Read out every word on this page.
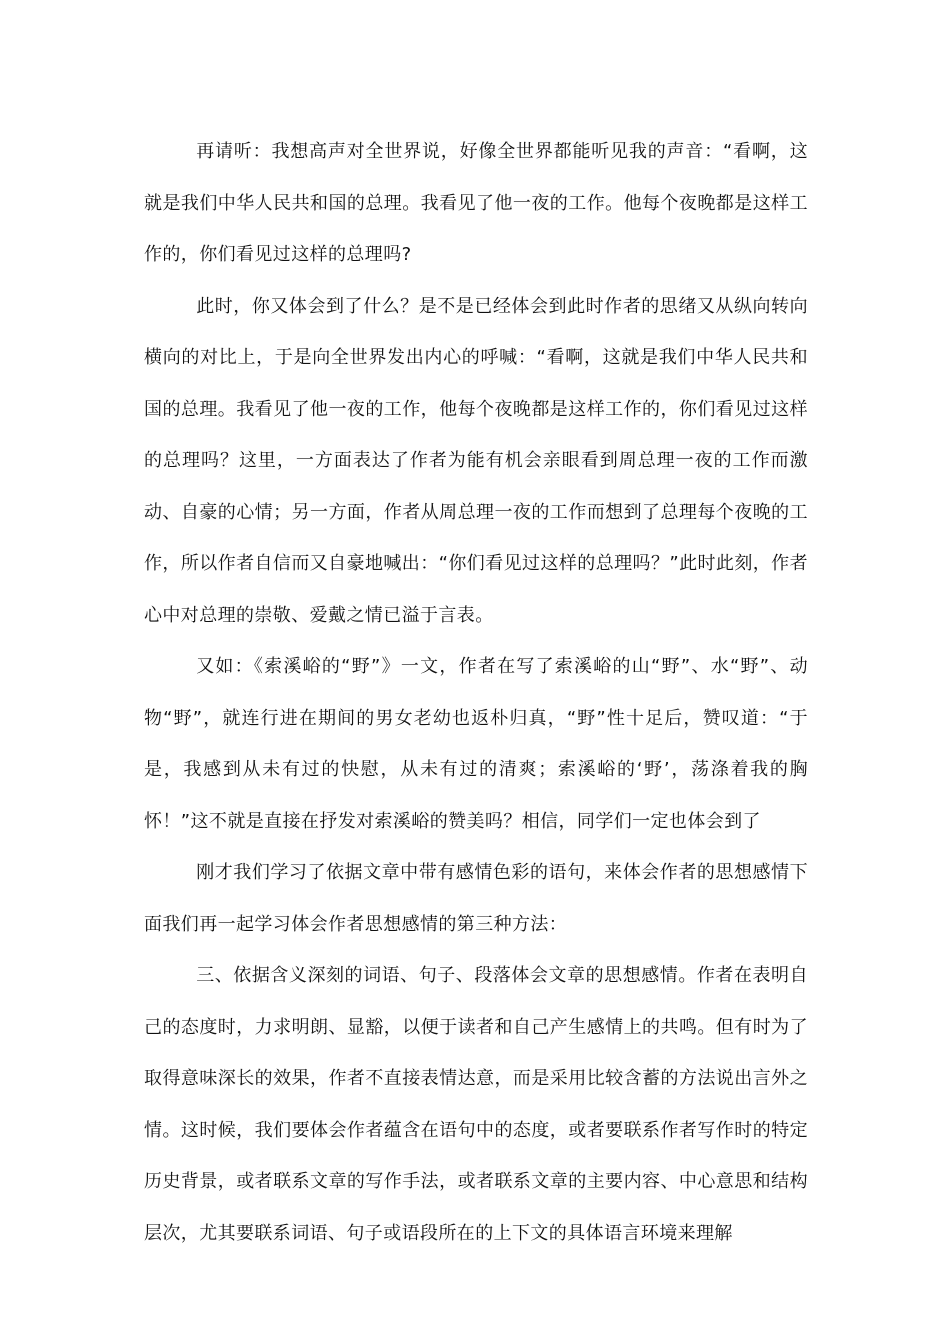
再请听：我想高声对全世界说，好像全世界都能听见我的声音：“看啊，这就是我们中华人民共和国的总理。我看见了他一夜的工作。他每个夜晚都是这样工作的，你们看见过这样的总理吗?

此时，你又体会到了什么？是不是已经体会到此时作者的思绪又从纵向转向横向的对比上，于是向全世界发出内心的呼喊：“看啊，这就是我们中华人民共和国的总理。我看见了他一夜的工作，他每个夜晚都是这样工作的，你们看见过这样的总理吗？这里，一方面表达了作者为能有机会亲眼看到周总理一夜的工作而激动、自豪的心情；另一方面，作者从周总理一夜的工作而想到了总理每个夜晚的工作，所以作者自信而又自豪地喊出：“你们看见过这样的总理吗？”此时此刻，作者心中对总理的崇敬、爱戴之情已溢于言表。

又如：《索溪峪的“野”》一文，作者在写了索溪峪的山“野”、水“野”、动物“野”，就连行进在期间的男女老幼也返朴归真，“野”性十足后，赞叹道：“于是，我感到从未有过的快慰，从未有过的清爽；索溪峪的‘野’，荡涤着我的胸怀！”这不就是直接在抒发对索溪峪的赞美吗？相信，同学们一定也体会到了

刚才我们学习了依据文章中带有感情色彩的语句，来体会作者的思想感情下面我们再一起学习体会作者思想感情的第三种方法：

三、依据含义深刻的词语、句子、段落体会文章的思想感情。作者在表明自己的态度时，力求明朗、显豁，以便于读者和自己产生感情上的共鸣。但有时为了取得意味深长的效果，作者不直接表情达意，而是采用比较含蓄的方法说出言外之情。这时候，我们要体会作者蕴含在语句中的态度，或者要联系作者写作时的特定历史背景，或者联系文章的写作手法，或者联系文章的主要内容、中心意思和结构层次，尤其要联系词语、句子或语段所在的上下文的具体语言环境来理解
